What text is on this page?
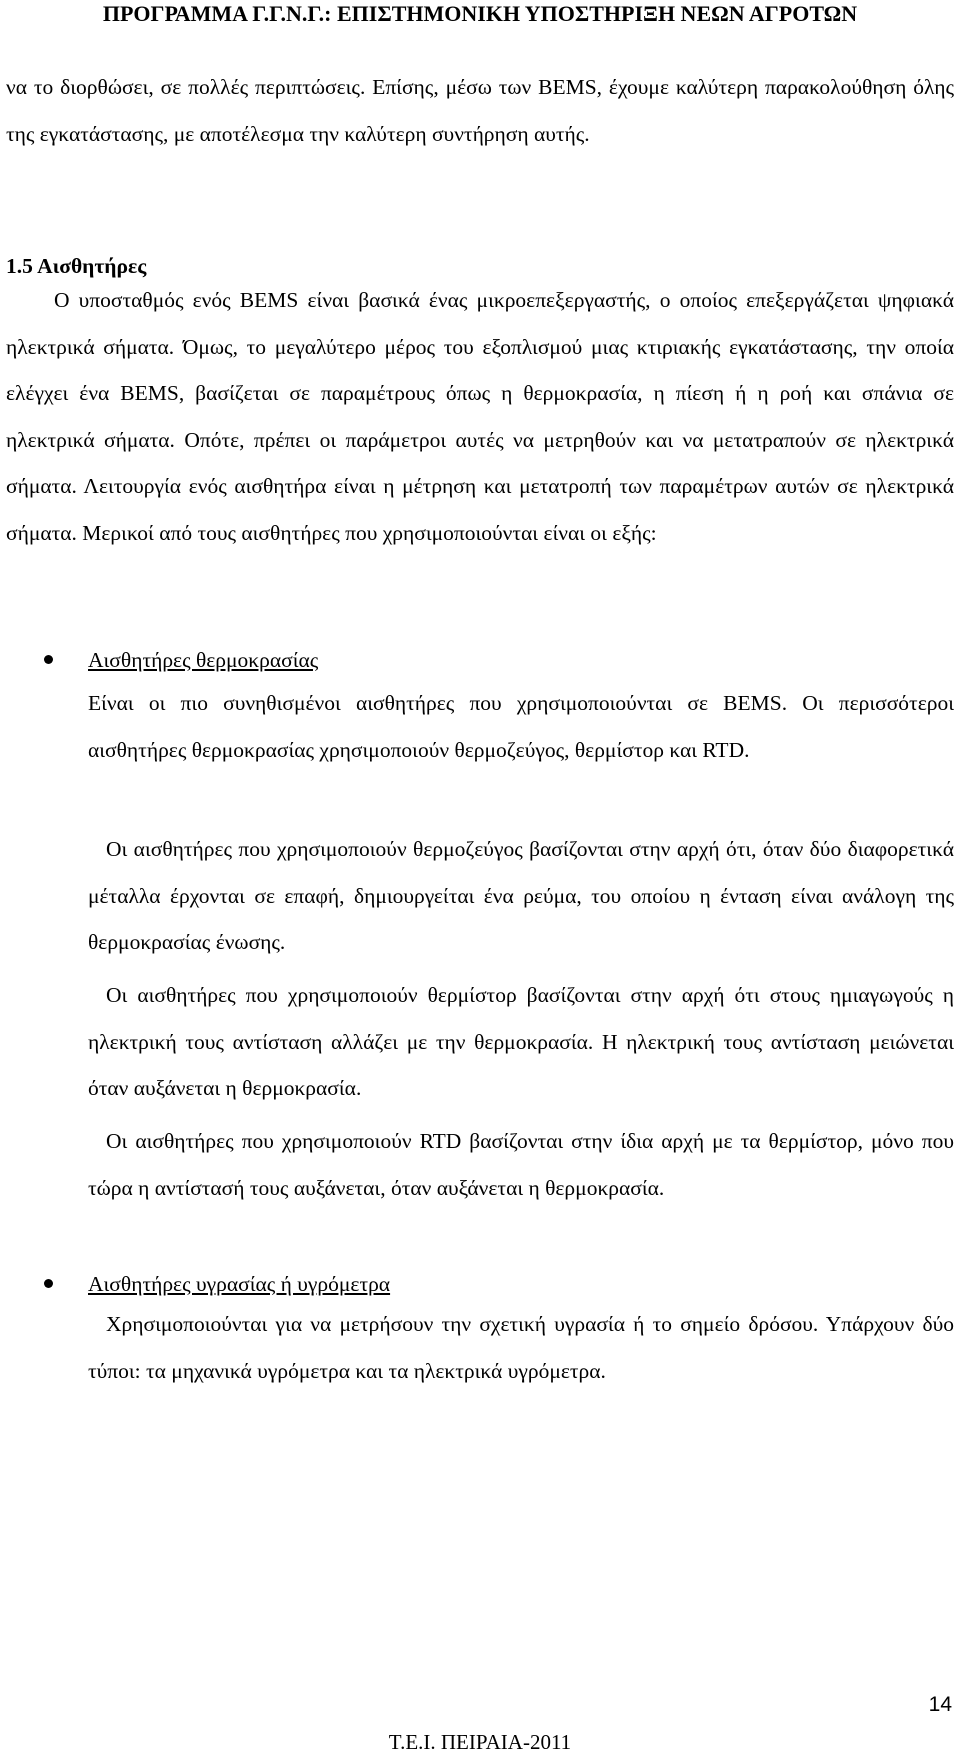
ΠΡΟΓΡΑΜΜΑ Γ.Γ.Ν.Γ.: ΕΠΙΣΤΗΜΟΝΙΚΗ ΥΠΟΣΤΗΡΙΞΗ ΝΕΩΝ ΑΓΡΟΤΩΝ

να το διορθώσει, σε πολλές περιπτώσεις. Επίσης, μέσω των BEMS, έχουμε καλύτερη παρακολούθηση όλης της εγκατάστασης, με αποτέλεσμα την καλύτερη συντήρηση αυτής.

1.5 Αισθητήρες

Ο υποσταθμός ενός BEMS είναι βασικά ένας μικροεπεξεργαστής, ο οποίος επεξεργάζεται ψηφιακά ηλεκτρικά σήματα. Όμως, το μεγαλύτερο μέρος του εξοπλισμού μιας κτιριακής εγκατάστασης, την οποία ελέγχει ένα BEMS, βασίζεται σε παραμέτρους όπως η θερμοκρασία, η πίεση ή η ροή και σπάνια σε ηλεκτρικά σήματα. Οπότε, πρέπει οι παράμετροι αυτές να μετρηθούν και να μετατραπούν σε ηλεκτρικά σήματα. Λειτουργία ενός αισθητήρα είναι η μέτρηση και μετατροπή των παραμέτρων αυτών σε ηλεκτρικά σήματα. Μερικοί από τους αισθητήρες που χρησιμοποιούνται είναι οι εξής:

Αισθητήρες θερμοκρασίας

Είναι οι πιο συνηθισμένοι αισθητήρες που χρησιμοποιούνται σε BEMS. Οι περισσότεροι αισθητήρες θερμοκρασίας χρησιμοποιούν θερμοζεύγος, θερμίστορ και RTD.

Οι αισθητήρες που χρησιμοποιούν θερμοζεύγος βασίζονται στην αρχή ότι, όταν δύο διαφορετικά μέταλλα έρχονται σε επαφή, δημιουργείται ένα ρεύμα, του οποίου η ένταση είναι ανάλογη της θερμοκρασίας ένωσης.

Οι αισθητήρες που χρησιμοποιούν θερμίστορ βασίζονται στην αρχή ότι στους ημιαγωγούς η ηλεκτρική τους αντίσταση αλλάζει με την θερμοκρασία. Η ηλεκτρική τους αντίσταση μειώνεται όταν αυξάνεται η θερμοκρασία.

Οι αισθητήρες που χρησιμοποιούν RTD βασίζονται στην ίδια αρχή με τα θερμίστορ, μόνο που τώρα η αντίστασή τους αυξάνεται, όταν αυξάνεται η θερμοκρασία.

Αισθητήρες υγρασίας ή υγρόμετρα

Χρησιμοποιούνται για να μετρήσουν την σχετική υγρασία ή το σημείο δρόσου. Υπάρχουν δύο τύποι: τα μηχανικά υγρόμετρα και τα ηλεκτρικά υγρόμετρα.

14
Τ.Ε.Ι. ΠΕΙΡΑΙΑ-2011
